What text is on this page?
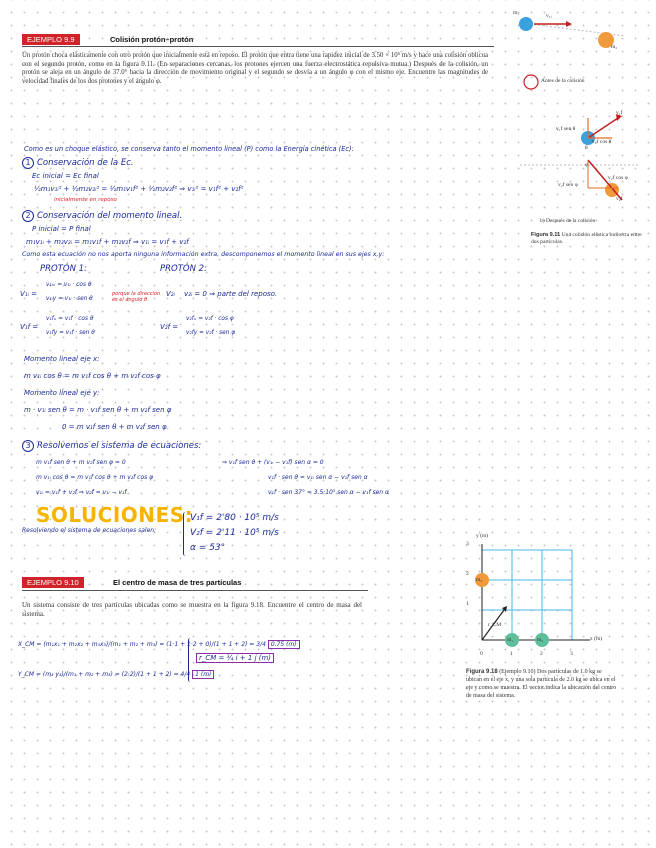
EJEMPLO 9.9	Colisión protón–protón
Un protón choca elásticamente con otro protón que inicialmente está en reposo. El protón que entra tiene una rapidez inicial de 3.50 × 10⁵ m/s y hace una colisión oblicua con el segundo protón, como en la figura 9.11. (En separaciones cercanas, los protones ejercen una fuerza electrostática repulsiva mutua.) Después de la colisión, un protón se aleja en un ángulo de 37.0° hacia la dirección de movimiento original y el segundo se desvía a un ángulo φ con el mismo eje. Encuentre las magnitudes de velocidad finales de los dos protones y el ángulo φ.
m₁	v₁ᵢ
m₂
Antes de la colisión
v₁f
v₁f sen θ
v₁f cos θ
θ
φ
v₂f cos φ
v₂f sen φ
v₂f
b) Después de la colisión
Figura 9.11 Una colisión elástica indirecta entre dos partículas.
Como es un choque elástico, se conserva tanto el momento lineal (P) como la Energía cinética (Ec):
1 Conservación de la Ec.
Ec inicial = Ec final
½m₁v₁ᵢ² + ½m₂v₂ᵢ² = ½m₁v₁f² + ½m₂v₂f² ⇒ v₁ᵢ² = v₁f² + v₂f²
inicialmente en reposo
2 Conservación del momento lineal.
P inicial = P final
m₁v₁ᵢ + m₂v₂ᵢ = m₁v₁f + m₂v₂f ⇒ v₁ᵢ = v₁f + v₂f
Como esta ecuación no nos aporta ninguna información extra, descomponemos el momento lineal en sus ejes x,y:
PROTÓN 1:	PROTÓN 2:
V₁ᵢ =
v₁ᵢₓ = v₁ᵢ · cos θ
v₁ᵢy = v₁ᵢ · sen θ
porque la dirección es el ángulo θ
V₂ᵢ v₂ᵢ = 0 ⇒ parte del reposo.
V₁f =
v₁fₓ = v₁f · cos θ
v₁fy = v₁f · sen θ
V₂f =
v₂fₓ = v₂f · cos φ
v₂fy = v₂f · sen φ
Momento lineal eje x:
m v₁ᵢ cos θ = m v₁f cos θ + m v₂f cos φ
Momento lineal eje y:
m · v₁ᵢ sen θ = m · v₁f sen θ + m v₂f sen φ
0 = m v₁f sen θ + m v₂f sen φ
3 Resolvemos el sistema de ecuaciones:
m v₁f sen θ + m v₂f sen φ = 0
m v₁ᵢ cos θ = m v₁f cos θ + m v₂f cos φ
v₁ᵢ = v₁f + v₂f ⇒ v₂f = v₁ᵢ − v₁f
⇒ v₁f sen θ + (v₁ᵢ − v₁f) sen α = 0
v₁f · sen θ = v₁ᵢ sen α − v₁f sen α
v₁f · sen 37° = 3.5·10⁵ sen α − v₁f sen α
SOLUCIONES:
Resolviendo el sistema de ecuaciones salen:
V₁f = 2'80 · 10⁵ m/s
V₂f = 2'11 · 10⁵ m/s
α = 53°
EJEMPLO 9.10	El centro de masa de tres partículas
Un sistema consiste de tres partículas ubicadas como se muestra en la figura 9.18. Encuentre el centro de masa del sistema.
X_CM = (m₁x₁ + m₂x₂ + m₃x₃)/(m₁ + m₂ + m₃) = (1·1 + 1·2 + 0)/(1 + 1 + 2) = 3/4 0.75 (m)
Y_CM = (m₃ y₃)/(m₁ + m₂ + m₃) = (2·2)/(1 + 1 + 2) = 4/4 1 (m)
r_CM = ¾ i + 1 j (m)
y (m)
m₃
m₁	m₂
r_CM
x (m)
3
2
1
0	1	2	3
Figura 9.18 (Ejemplo 9.10) Dos partículas de 1.0 kg se ubican en el eje x, y una sola partícula de 2.0 kg se ubica en el eje y como se muestra. El vector indica la ubicación del centro de masa del sistema.
